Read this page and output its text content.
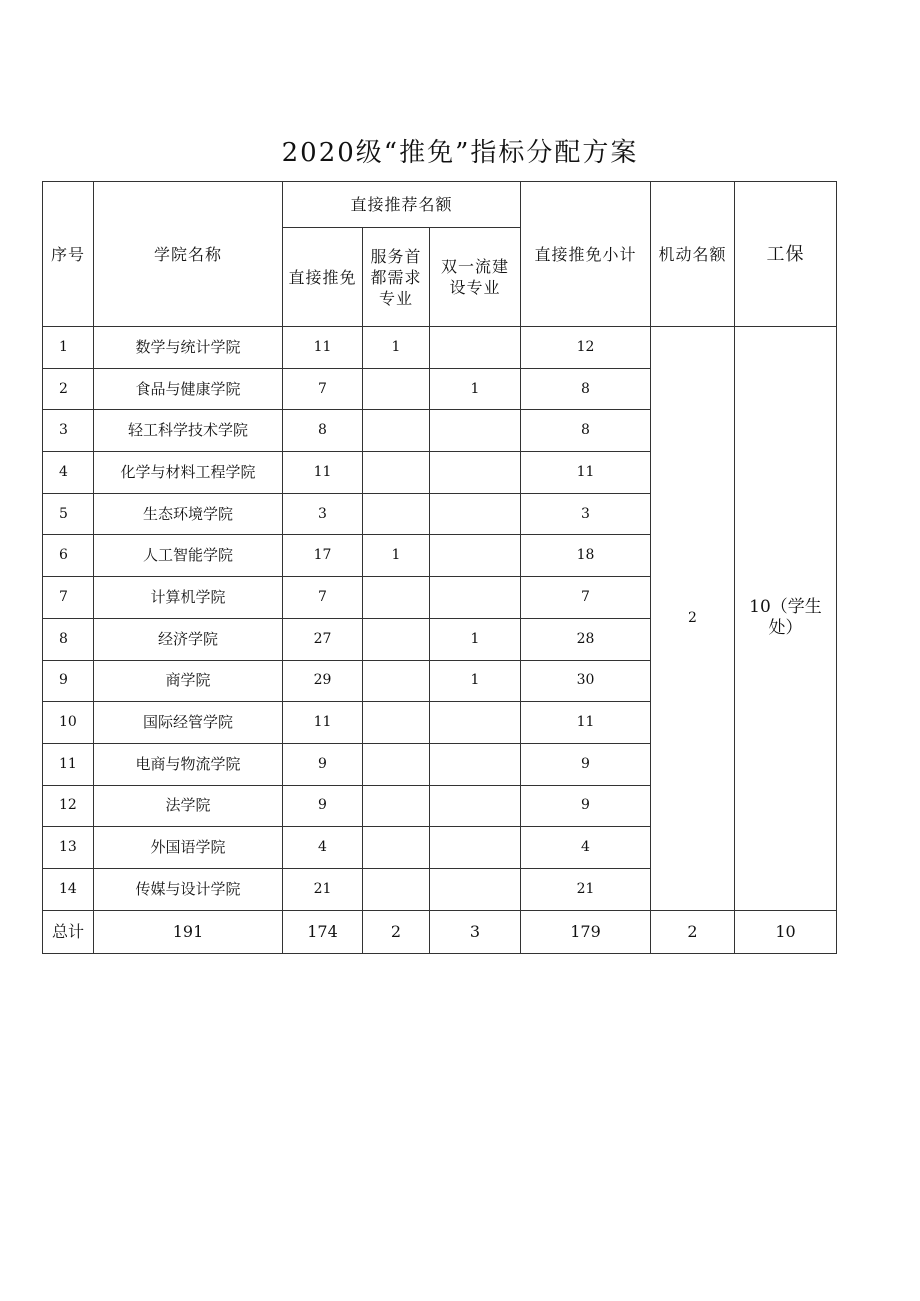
2020级“推免”指标分配方案
序号	学院名称	直接推荐名额			直接推免小计	机动名额	工保
		直接推免	服务首都需求专业	双一流建设专业			
1	数学与统计学院	11	1		12	2	10（学生处）
2	食品与健康学院	7		1	8		
3	轻工科学技术学院	8			8		
4	化学与材料工程学院	11			11		
5	生态环境学院	3			3		
6	人工智能学院	17	1		18		
7	计算机学院	7			7		
8	经济学院	27		1	28		
9	商学院	29		1	30		
10	国际经管学院	11			11		
11	电商与物流学院	9			9		
12	法学院	9			9		
13	外国语学院	4			4		
14	传媒与设计学院	21			21		
总计	191	174	2	3	179	2	10
